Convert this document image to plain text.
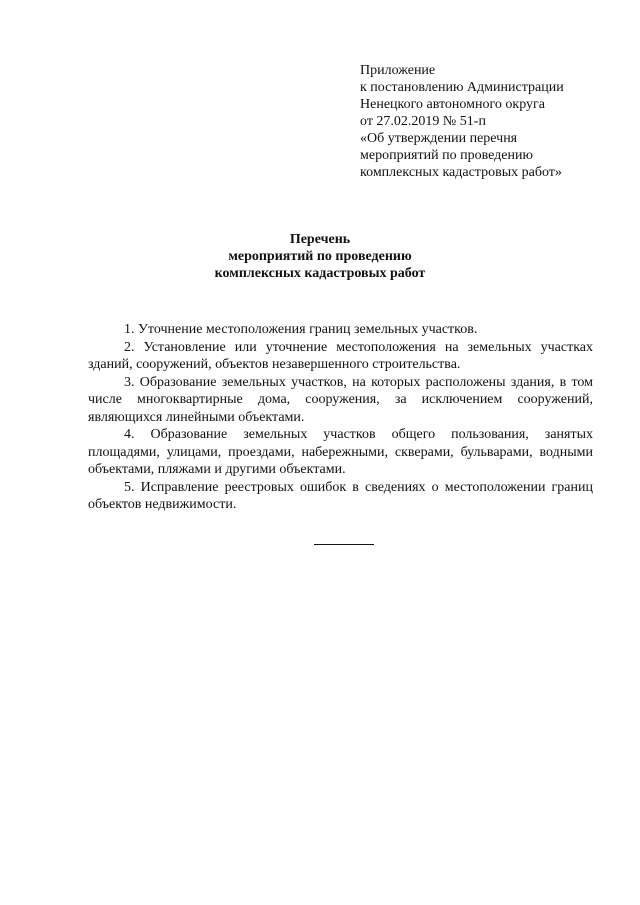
Приложение
к постановлению Администрации
Ненецкого автономного округа
от 27.02.2019 № 51-п
«Об утверждении перечня
мероприятий по проведению
комплексных кадастровых работ»
Перечень
мероприятий по проведению
комплексных кадастровых работ

1. Уточнение местоположения границ земельных участков.

2. Установление или уточнение местоположения на земельных участках зданий, сооружений, объектов незавершенного строительства.

3. Образование земельных участков, на которых расположены здания, в том числе многоквартирные дома, сооружения, за исключением сооружений, являющихся линейными объектами.

4. Образование земельных участков общего пользования, занятых площадями, улицами, проездами, набережными, скверами, бульварами, водными объектами, пляжами и другими объектами.

5. Исправление реестровых ошибок в сведениях о местоположении границ объектов недвижимости.
